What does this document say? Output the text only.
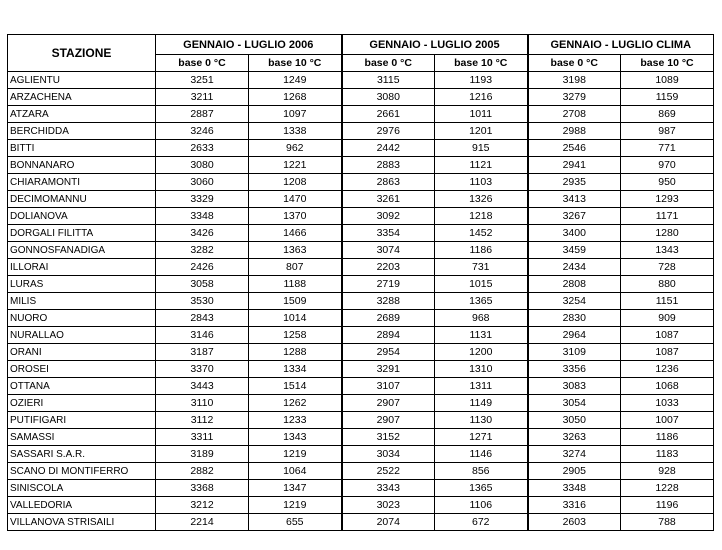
STAZIONE	GENNAIO - LUGLIO 2006		GENNAIO - LUGLIO 2005		GENNAIO - LUGLIO CLIMA	
	base 0 °C	base 10 °C	base 0 °C	base 10 °C	base 0 °C	base 10 °C
AGLIENTU	3251	1249	3115	1193	3198	1089
ARZACHENA	3211	1268	3080	1216	3279	1159
ATZARA	2887	1097	2661	1011	2708	869
BERCHIDDA	3246	1338	2976	1201	2988	987
BITTI	2633	962	2442	915	2546	771
BONNANARO	3080	1221	2883	1121	2941	970
CHIARAMONTI	3060	1208	2863	1103	2935	950
DECIMOMANNU	3329	1470	3261	1326	3413	1293
DOLIANOVA	3348	1370	3092	1218	3267	1171
DORGALI FILITTA	3426	1466	3354	1452	3400	1280
GONNOSFANADIGA	3282	1363	3074	1186	3459	1343
ILLORAI	2426	807	2203	731	2434	728
LURAS	3058	1188	2719	1015	2808	880
MILIS	3530	1509	3288	1365	3254	1151
NUORO	2843	1014	2689	968	2830	909
NURALLAO	3146	1258	2894	1131	2964	1087
ORANI	3187	1288	2954	1200	3109	1087
OROSEI	3370	1334	3291	1310	3356	1236
OTTANA	3443	1514	3107	1311	3083	1068
OZIERI	3110	1262	2907	1149	3054	1033
PUTIFIGARI	3112	1233	2907	1130	3050	1007
SAMASSI	3311	1343	3152	1271	3263	1186
SASSARI S.A.R.	3189	1219	3034	1146	3274	1183
SCANO DI MONTIFERRO	2882	1064	2522	856	2905	928
SINISCOLA	3368	1347	3343	1365	3348	1228
VALLEDORIA	3212	1219	3023	1106	3316	1196
VILLANOVA STRISAILI	2214	655	2074	672	2603	788
